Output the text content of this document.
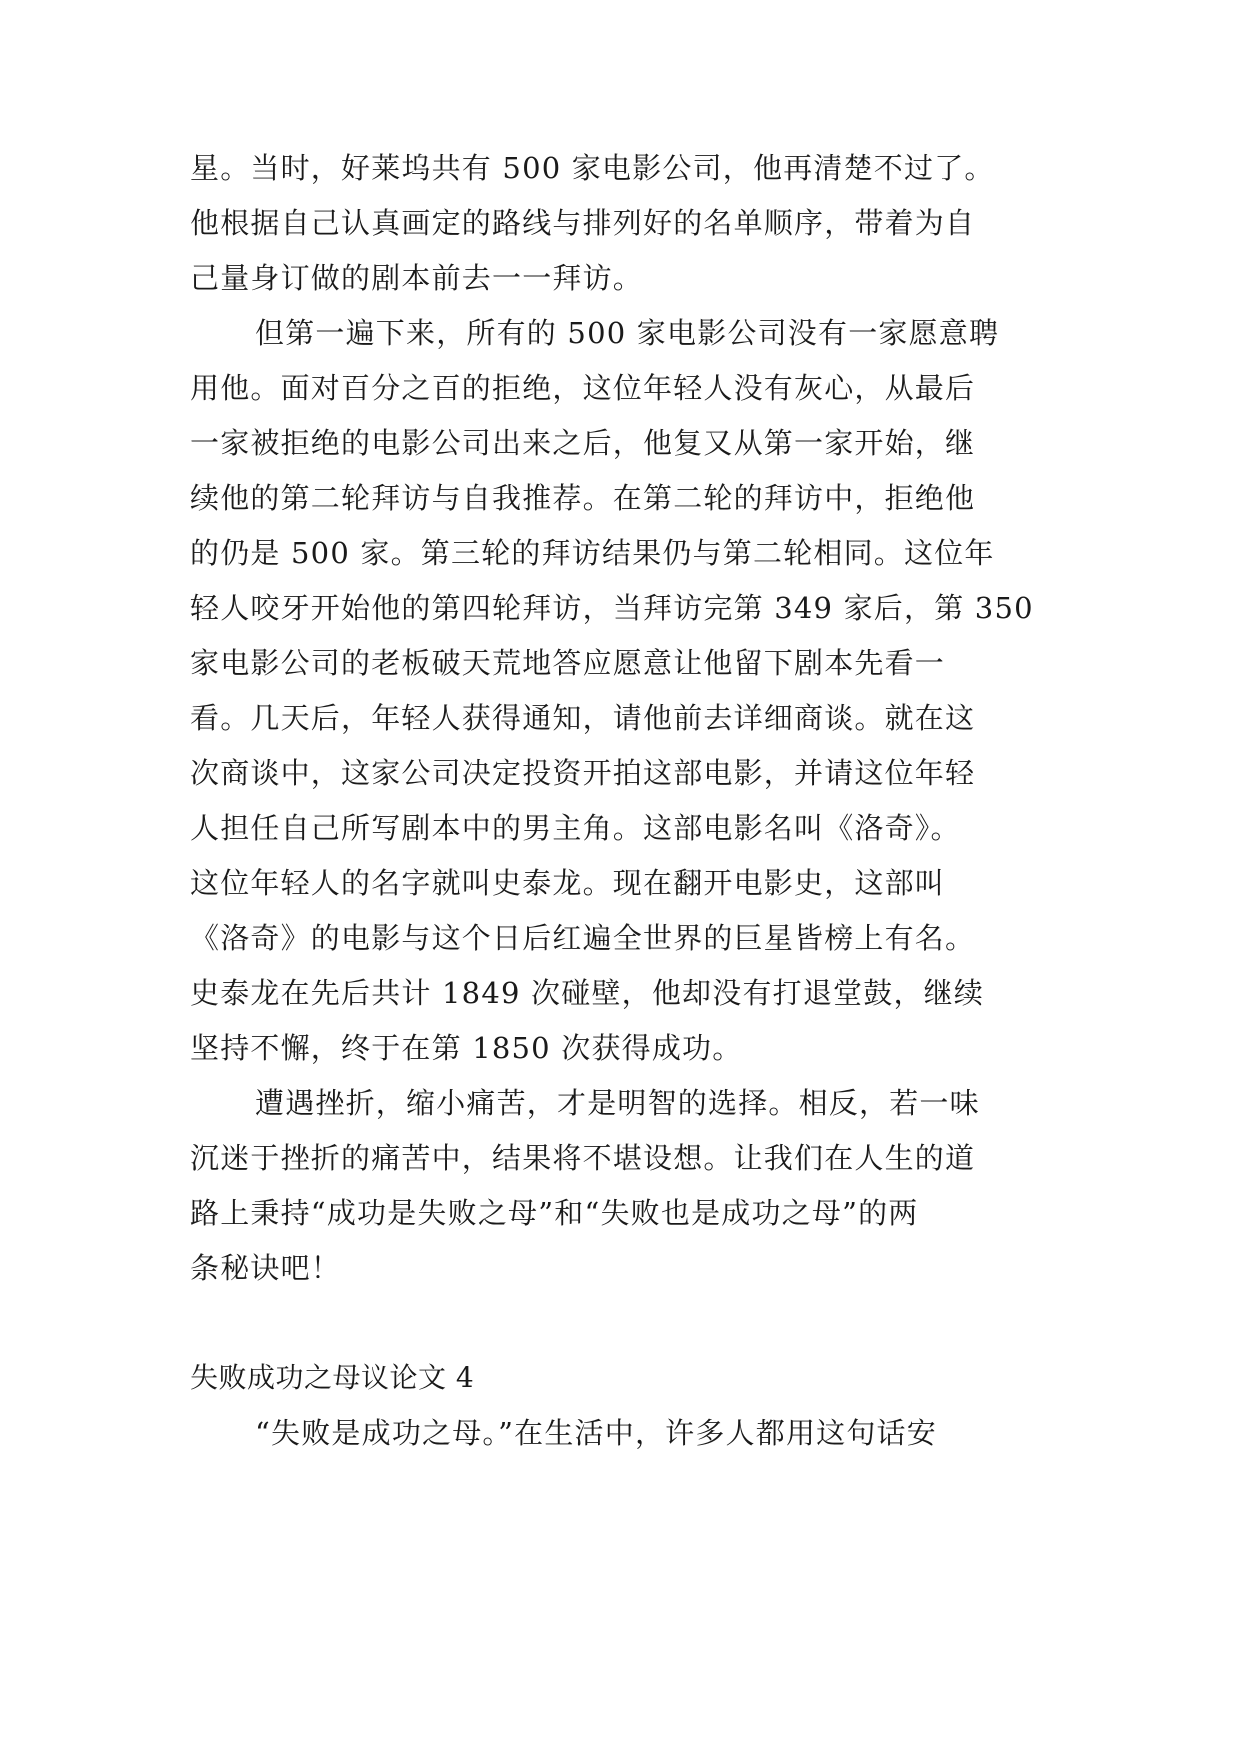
星。当时，好莱坞共有 500 家电影公司，他再清楚不过了。
他根据自己认真画定的路线与排列好的名单顺序，带着为自
己量身订做的剧本前去一一拜访。
但第一遍下来，所有的 500 家电影公司没有一家愿意聘
用他。面对百分之百的拒绝，这位年轻人没有灰心，从最后
一家被拒绝的电影公司出来之后，他复又从第一家开始，继
续他的第二轮拜访与自我推荐。在第二轮的拜访中，拒绝他
的仍是 500 家。第三轮的拜访结果仍与第二轮相同。这位年
轻人咬牙开始他的第四轮拜访，当拜访完第 349 家后，第 350
家电影公司的老板破天荒地答应愿意让他留下剧本先看一
看。几天后，年轻人获得通知，请他前去详细商谈。就在这
次商谈中，这家公司决定投资开拍这部电影，并请这位年轻
人担任自己所写剧本中的男主角。这部电影名叫《洛奇》。
这位年轻人的名字就叫史泰龙。现在翻开电影史，这部叫
《洛奇》的电影与这个日后红遍全世界的巨星皆榜上有名。
史泰龙在先后共计 1849 次碰壁，他却没有打退堂鼓，继续
坚持不懈，终于在第 1850 次获得成功。
遭遇挫折，缩小痛苦，才是明智的选择。相反，若一味
沉迷于挫折的痛苦中，结果将不堪设想。让我们在人生的道
路上秉持“成功是失败之母”和“失败也是成功之母”的两
条秘诀吧！
失败成功之母议论文 4
“失败是成功之母。”在生活中，许多人都用这句话安
